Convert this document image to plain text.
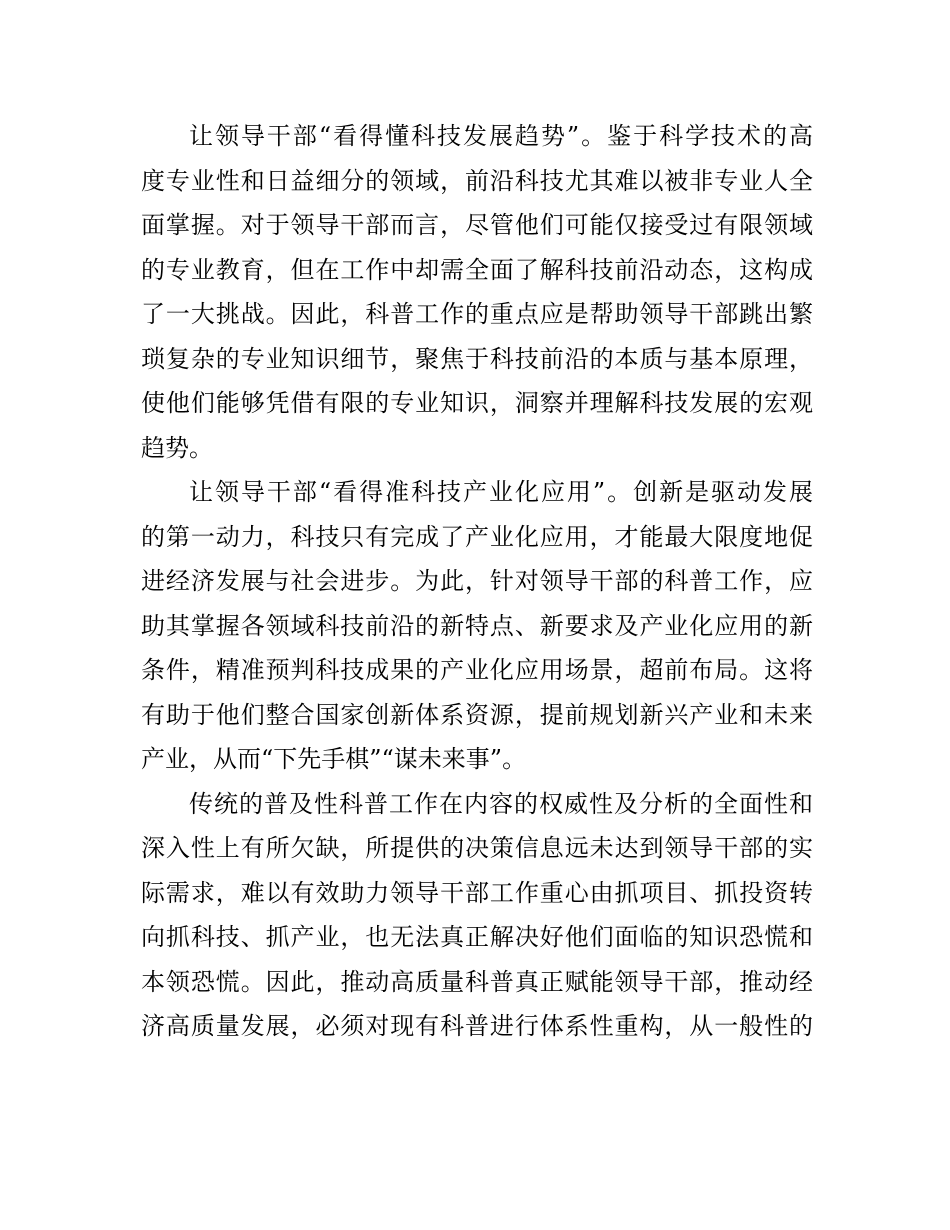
让领导干部“看得懂科技发展趋势”。鉴于科学技术的高
度专业性和日益细分的领域，前沿科技尤其难以被非专业人全
面掌握。对于领导干部而言，尽管他们可能仅接受过有限领域
的专业教育，但在工作中却需全面了解科技前沿动态，这构成
了一大挑战。因此，科普工作的重点应是帮助领导干部跳出繁
琐复杂的专业知识细节，聚焦于科技前沿的本质与基本原理，
使他们能够凭借有限的专业知识，洞察并理解科技发展的宏观
趋势。

让领导干部“看得准科技产业化应用”。创新是驱动发展
的第一动力，科技只有完成了产业化应用，才能最大限度地促
进经济发展与社会进步。为此，针对领导干部的科普工作，应
助其掌握各领域科技前沿的新特点、新要求及产业化应用的新
条件，精准预判科技成果的产业化应用场景，超前布局。这将
有助于他们整合国家创新体系资源，提前规划新兴产业和未来
产业，从而“下先手棋”“谋未来事”。

传统的普及性科普工作在内容的权威性及分析的全面性和
深入性上有所欠缺，所提供的决策信息远未达到领导干部的实
际需求，难以有效助力领导干部工作重心由抓项目、抓投资转
向抓科技、抓产业，也无法真正解决好他们面临的知识恐慌和
本领恐慌。因此，推动高质量科普真正赋能领导干部，推动经
济高质量发展，必须对现有科普进行体系性重构，从一般性的
